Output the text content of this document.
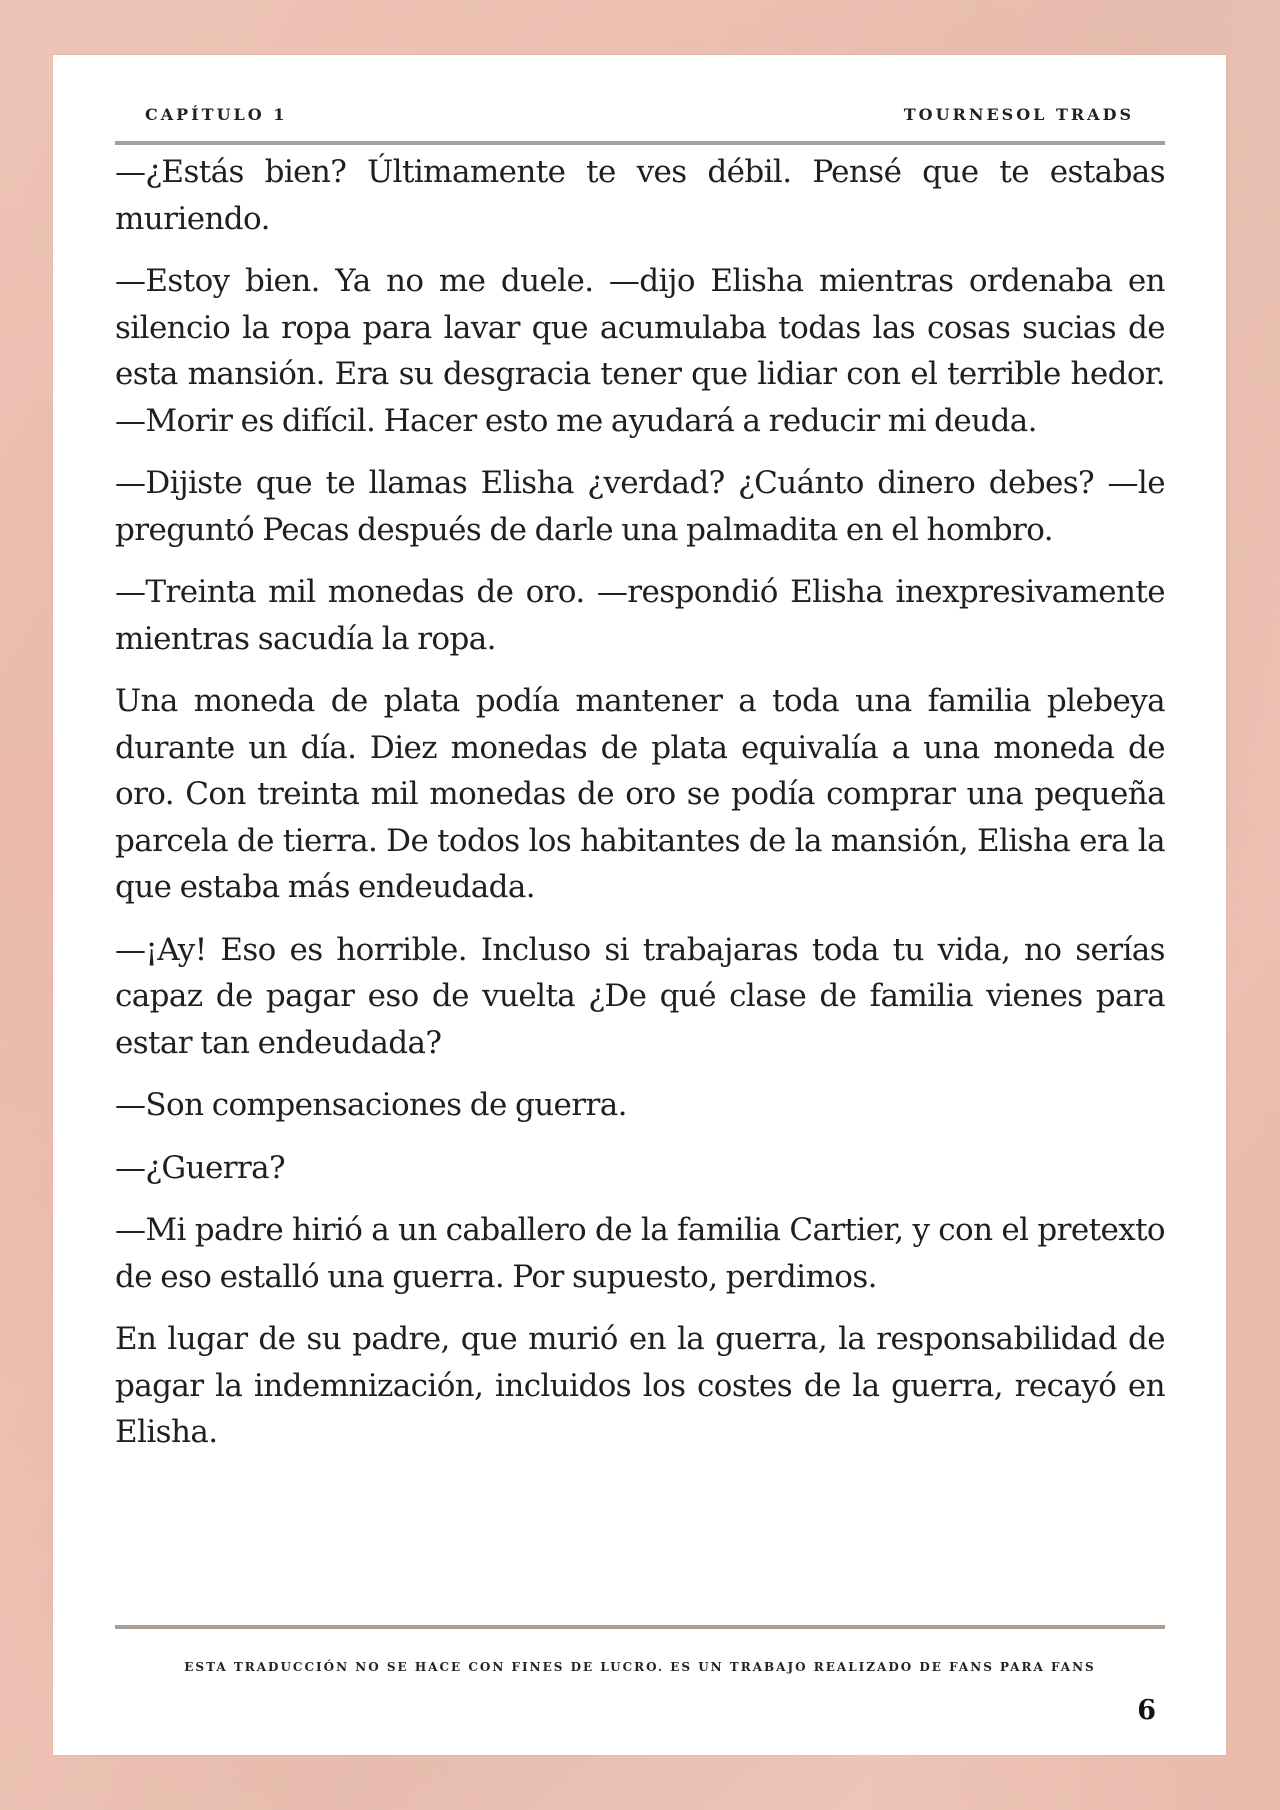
CAPÍTULO 1	TOURNESOL TRADS

—¿Estás bien? Últimamente te ves débil. Pensé que te estabas muriendo.

—Estoy bien. Ya no me duele. —dijo Elisha mientras ordenaba en silencio la ropa para lavar que acumulaba todas las cosas sucias de esta mansión. Era su desgracia tener que lidiar con el terrible hedor. —Morir es difícil. Hacer esto me ayudará a reducir mi deuda.

—Dijiste que te llamas Elisha ¿verdad? ¿Cuánto dinero debes? —le preguntó Pecas después de darle una palmadita en el hombro.

—Treinta mil monedas de oro. —respondió Elisha inexpresivamente mientras sacudía la ropa.

Una moneda de plata podía mantener a toda una familia plebeya durante un día. Diez monedas de plata equivalía a una moneda de oro. Con treinta mil monedas de oro se podía comprar una pequeña parcela de tierra. De todos los habitantes de la mansión, Elisha era la que estaba más endeudada.

—¡Ay! Eso es horrible. Incluso si trabajaras toda tu vida, no serías capaz de pagar eso de vuelta ¿De qué clase de familia vienes para estar tan endeudada?

—Son compensaciones de guerra.

—¿Guerra?

—Mi padre hirió a un caballero de la familia Cartier, y con el pretexto de eso estalló una guerra. Por supuesto, perdimos.

En lugar de su padre, que murió en la guerra, la responsabilidad de pagar la indemnización, incluidos los costes de la guerra, recayó en Elisha.

ESTA TRADUCCIÓN NO SE HACE CON FINES DE LUCRO. ES UN TRABAJO REALIZADO DE FANS PARA FANS
6
